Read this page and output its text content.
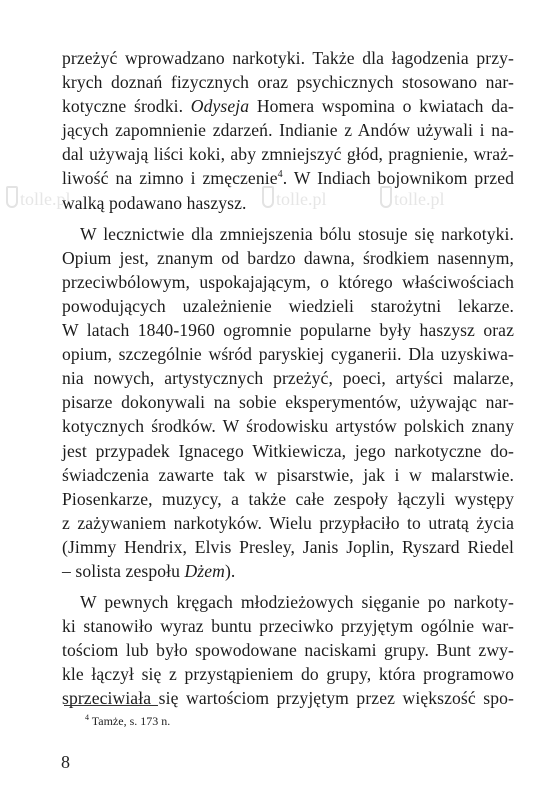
tolle.pl	tolle.pl	tolle.pl
przeżyć wprowadzano narkotyki. Także dla łagodzenia przy-
krych doznań fizycznych oraz psychicznych stosowano nar-
kotyczne środki. Odyseja Homera wspomina o kwiatach da-
jących zapomnienie zdarzeń. Indianie z Andów używali i na-
dal używają liści koki, aby zmniejszyć głód, pragnienie, wraż-
liwość na zimno i zmęczenie$^4$. W Indiach bojownikom przed
walką podawano haszysz.
W lecznictwie dla zmniejszenia bólu stosuje się narkotyki.
Opium jest, znanym od bardzo dawna, środkiem nasennym,
przeciwbólowym, uspokajającym, o którego właściwościach
powodujących uzależnienie wiedzieli starożytni lekarze.
W latach 1840-1960 ogromnie popularne były haszysz oraz
opium, szczególnie wśród paryskiej cyganerii. Dla uzyskiwa-
nia nowych, artystycznych przeżyć, poeci, artyści malarze,
pisarze dokonywali na sobie eksperymentów, używając nar-
kotycznych środków. W środowisku artystów polskich znany
jest przypadek Ignacego Witkiewicza, jego narkotyczne do-
świadczenia zawarte tak w pisarstwie, jak i w malarstwie.
Piosenkarze, muzycy, a także całe zespoły łączyli występy
z zażywaniem narkotyków. Wielu przypłaciło to utratą życia
(Jimmy Hendrix, Elvis Presley, Janis Joplin, Ryszard Riedel
– solista zespołu Dżem).
W pewnych kręgach młodzieżowych sięganie po narkoty-
ki stanowiło wyraz buntu przeciwko przyjętym ogólnie war-
tościom lub było spowodowane naciskami grupy. Bunt zwy-
kle łączył się z przystąpieniem do grupy, która programowo
sprzeciwiała się wartościom przyjętym przez większość spo-
$^4$ Tamże, s. 173 n.
8
